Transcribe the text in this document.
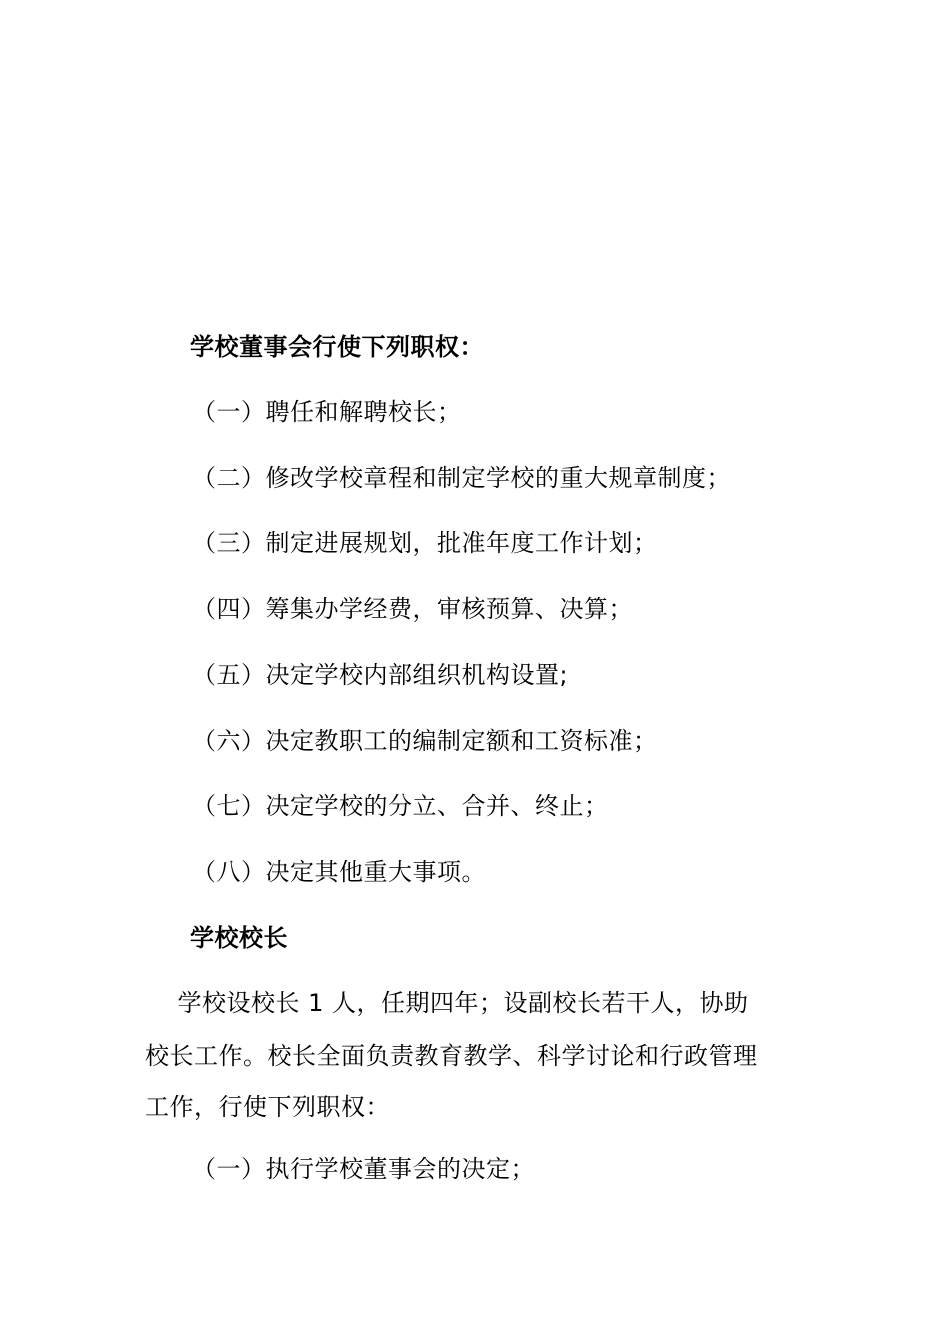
学校董事会行使下列职权：
（一）聘任和解聘校长；
（二）修改学校章程和制定学校的重大规章制度；
（三）制定进展规划，批准年度工作计划；
（四）筹集办学经费，审核预算、决算；
（五）决定学校内部组织机构设置;
（六）决定教职工的编制定额和工资标准；
（七）决定学校的分立、合并、终止；
（八）决定其他重大事项。
学校校长
学校设校长 1 人，任期四年；设副校长若干人，协助
校长工作。校长全面负责教育教学、科学讨论和行政管理
工作，行使下列职权：
（一）执行学校董事会的决定；
